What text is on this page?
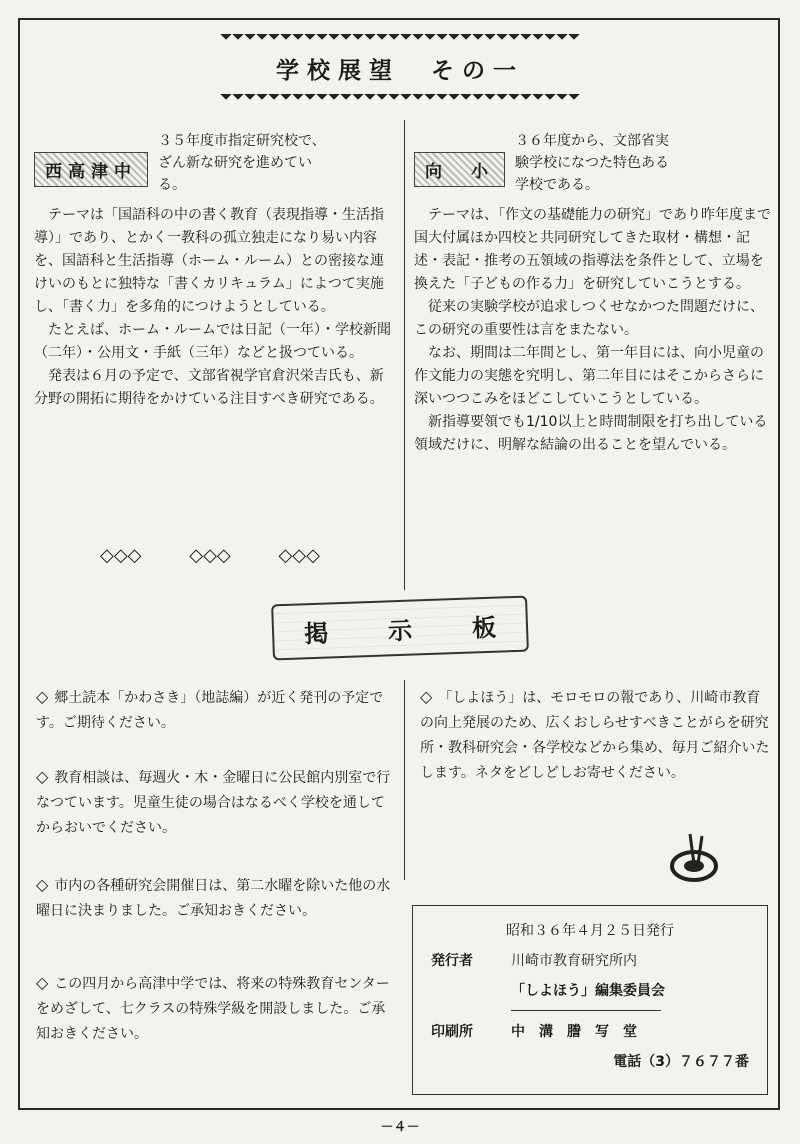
学校展望　その一
西高津中
３５年度市指定研究校で、ざん新な研究を進めている。

テーマは「国語科の中の書く教育（表現指導・生活指導）」であり、とかく一教科の孤立独走になり易い内容を、国語科と生活指導（ホーム・ルーム）との密接な連けいのもとに独特な「書くカリキュラム」によつて実施し、「書く力」を多角的につけようとしている。

たとえば、ホーム・ルームでは日記（一年）・学校新聞（二年）・公用文・手紙（三年）などと扱つている。

発表は６月の予定で、文部省視学官倉沢栄吉氏も、新分野の開拓に期待をかけている注目すべき研究である。

向　小
３６年度から、文部省実験学校になつた特色ある学校である。

テーマは、「作文の基礎能力の研究」であり昨年度まで国大付属ほか四校と共同研究してきた取材・構想・記述・表記・推考の五領域の指導法を条件として、立場を換えた「子どもの作る力」を研究していこうとする。

従来の実験学校が追求しつくせなかつた問題だけに、この研究の重要性は言をまたない。

なお、期間は二年間とし、第一年目には、向小児童の作文能力の実態を究明し、第二年目にはそこからさらに深いつつこみをほどこしていこうとしている。

新指導要領でも1/10以上と時間制限を打ち出している領域だけに、明解な結論の出ることを望んでいる。

◇◇◇	◇◇◇	◇◇◇
掲 示 板
◇ 郷土読本「かわさき」（地誌編）が近く発刊の予定です。ご期待ください。
◇ 教育相談は、毎週火・木・金曜日に公民館内別室で行なつています。児童生徒の場合はなるべく学校を通してからおいでください。
◇ 市内の各種研究会開催日は、第二水曜を除いた他の水曜日に決まりました。ご承知おきください。
◇ この四月から高津中学では、将来の特殊教育センターをめざして、七クラスの特殊学級を開設しました。ご承知おきください。
◇ 「しよほう」は、モロモロの報であり、川崎市教育の向上発展のため、広くおしらせすべきことがらを研究所・教科研究会・各学校などから集め、毎月ご紹介いたします。ネタをどしどしお寄せください。
昭和３６年４月２５日発行
発行者	川崎市教育研究所内
「しよほう」編集委員会
印刷所	中　溝　謄　写　堂
電話（3）７６７７番
－４－
